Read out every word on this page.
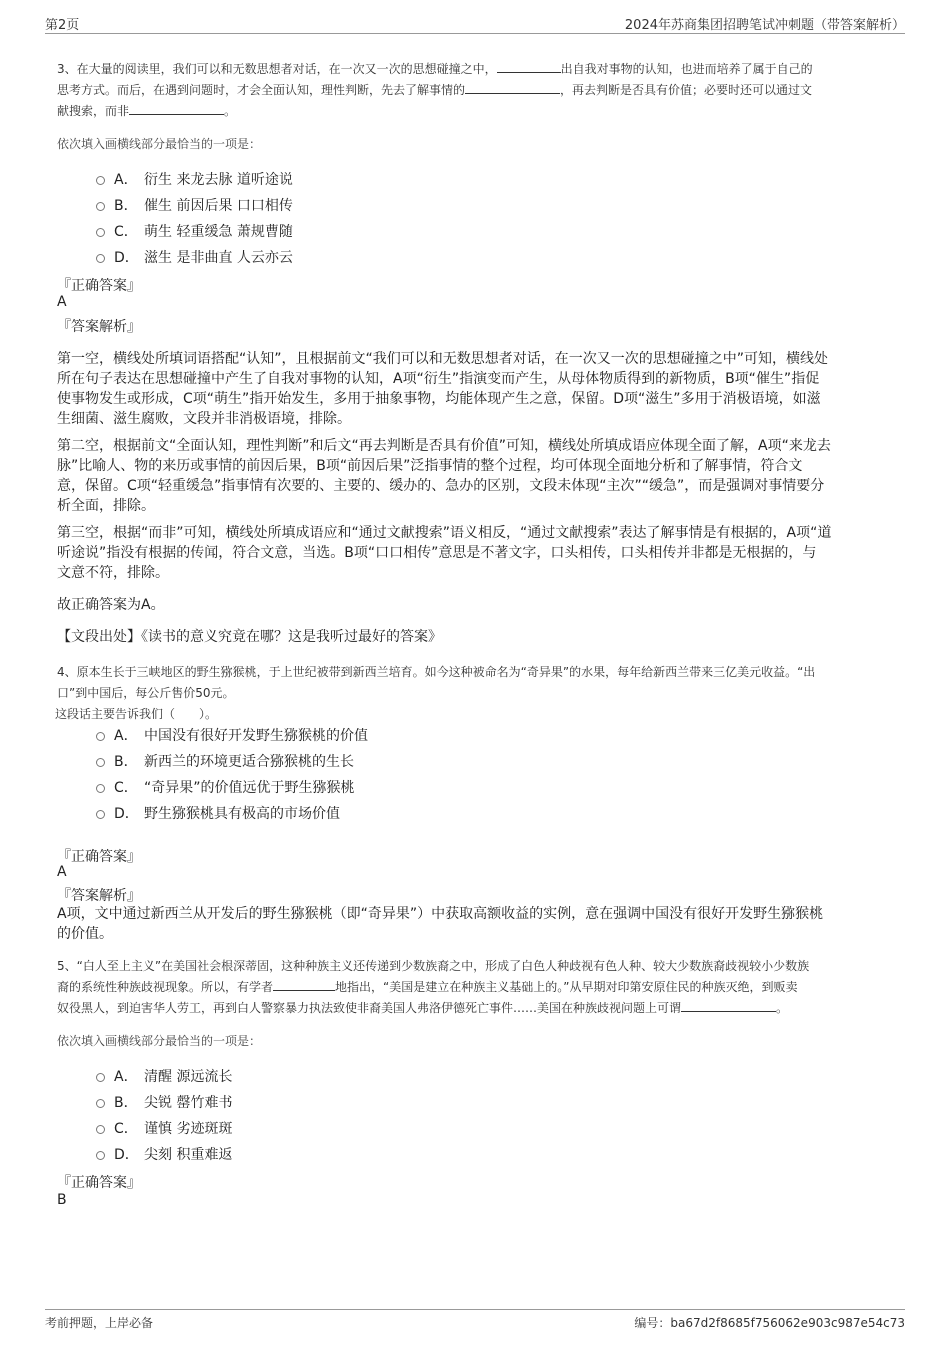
第2页	2024年苏商集团招聘笔试冲刺题（带答案解析）
3、在大量的阅读里，我们可以和无数思想者对话，在一次又一次的思想碰撞之中，	出自我对事物的认知，也进而培养了属于自己的
思考方式。而后，在遇到问题时，才会全面认知，理性判断，先去了解事情的	，再去判断是否具有价值；必要时还可以通过文
献搜索，而非	。
依次填入画横线部分最恰当的一项是：
A． 衍生 来龙去脉 道听途说
B． 催生 前因后果 口口相传
C． 萌生 轻重缓急 萧规曹随
D． 滋生 是非曲直 人云亦云
『正确答案』
A
『答案解析』
第一空，横线处所填词语搭配“认知”，且根据前文“我们可以和无数思想者对话，在一次又一次的思想碰撞之中”可知，横线处
所在句子表达在思想碰撞中产生了自我对事物的认知，A项“衍生”指演变而产生，从母体物质得到的新物质，B项“催生”指促
使事物发生或形成，C项“萌生”指开始发生，多用于抽象事物，均能体现产生之意，保留。D项“滋生”多用于消极语境，如滋
生细菌、滋生腐败，文段并非消极语境，排除。
第二空，根据前文“全面认知，理性判断”和后文“再去判断是否具有价值”可知，横线处所填成语应体现全面了解，A项“来龙去
脉”比喻人、物的来历或事情的前因后果，B项“前因后果”泛指事情的整个过程，均可体现全面地分析和了解事情，符合文
意，保留。C项“轻重缓急”指事情有次要的、主要的、缓办的、急办的区别，文段未体现“主次”“缓急”，而是强调对事情要分
析全面，排除。
第三空，根据“而非”可知，横线处所填成语应和“通过文献搜索”语义相反，“通过文献搜索”表达了解事情是有根据的，A项“道
听途说”指没有根据的传闻，符合文意，当选。B项“口口相传”意思是不著文字，口头相传，口头相传并非都是无根据的，与
文意不符，排除。
故正确答案为A。
【文段出处】《读书的意义究竟在哪？这是我听过最好的答案》
4、原本生长于三峡地区的野生猕猴桃，于上世纪被带到新西兰培育。如今这种被命名为“奇异果”的水果，每年给新西兰带来三亿美元收益。“出
口”到中国后，每公斤售价50元。
这段话主要告诉我们（　　）。
A． 中国没有很好开发野生猕猴桃的价值
B． 新西兰的环境更适合猕猴桃的生长
C． “奇异果”的价值远优于野生猕猴桃
D． 野生猕猴桃具有极高的市场价值
『正确答案』
A
『答案解析』
A项，文中通过新西兰从开发后的野生猕猴桃（即“奇异果”）中获取高额收益的实例，意在强调中国没有很好开发野生猕猴桃
的价值。
5、“白人至上主义”在美国社会根深蒂固，这种种族主义还传递到少数族裔之中，形成了白色人种歧视有色人种、较大少数族裔歧视较小少数族
裔的系统性种族歧视现象。所以，有学者	地指出，“美国是建立在种族主义基础上的。”从早期对印第安原住民的种族灭绝，到贩卖
奴役黑人，到迫害华人劳工，再到白人警察暴力执法致使非裔美国人弗洛伊德死亡事件……美国在种族歧视问题上可谓	。
依次填入画横线部分最恰当的一项是：
A． 清醒 源远流长
B． 尖锐 罄竹难书
C． 谨慎 劣迹斑斑
D． 尖刻 积重难返
『正确答案』
B
考前押题，上岸必备	编号：ba67d2f8685f756062e903c987e54c73
